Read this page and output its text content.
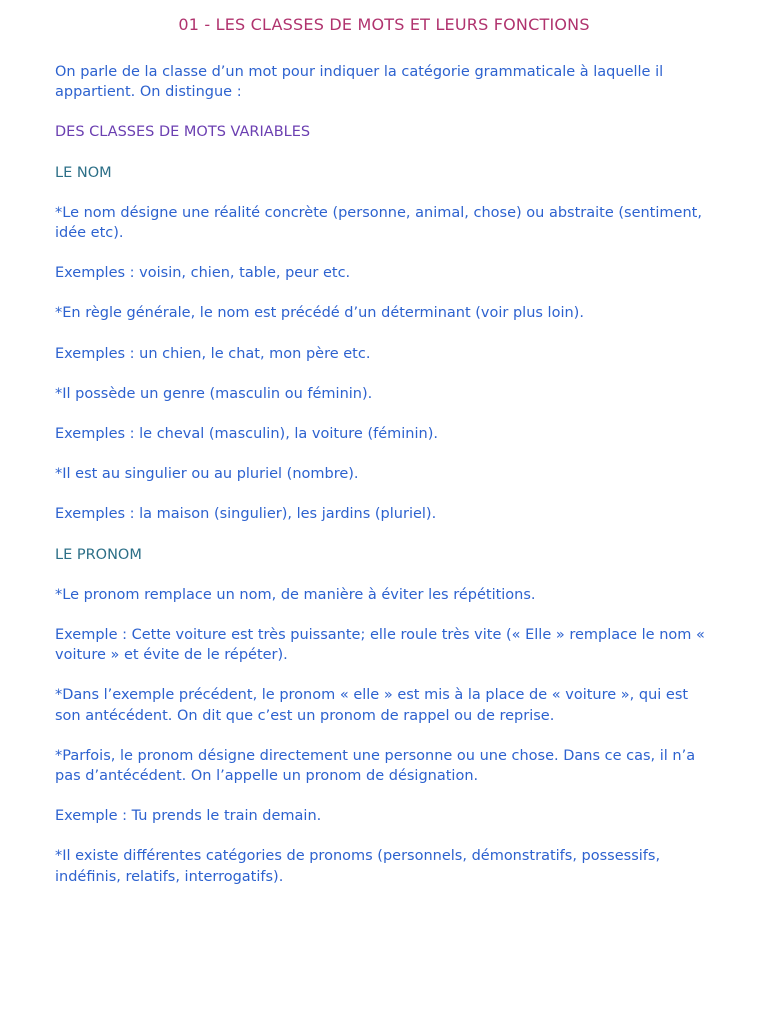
01 - LES CLASSES DE MOTS ET LEURS FONCTIONS

On parle de la classe d’un mot pour indiquer la catégorie grammaticale à laquelle il appartient. On distingue :

DES CLASSES DE MOTS VARIABLES

LE NOM

*Le nom désigne une réalité concrète (personne, animal, chose) ou abstraite (sentiment, idée etc).

Exemples : voisin, chien, table, peur etc.

*En règle générale, le nom est précédé d’un déterminant (voir plus loin).

Exemples : un chien, le chat, mon père etc.

*Il possède un genre (masculin ou féminin).

Exemples : le cheval (masculin), la voiture (féminin).

*Il est au singulier ou au pluriel (nombre).

Exemples : la maison (singulier), les jardins (pluriel).

LE PRONOM

*Le pronom remplace un nom, de manière à éviter les répétitions.

Exemple : Cette voiture est très puissante; elle roule très vite (« Elle » remplace le nom « voiture » et évite de le répéter).

*Dans l’exemple précédent, le pronom « elle » est mis à la place de « voiture », qui est son antécédent. On dit que c’est un pronom de rappel ou de reprise.

*Parfois, le pronom désigne directement une personne ou une chose. Dans ce cas, il n’a pas d’antécédent. On l’appelle un pronom de désignation.

Exemple : Tu prends le train demain.

*Il existe différentes catégories de pronoms (personnels, démonstratifs, possessifs, indéfinis, relatifs, interrogatifs).
